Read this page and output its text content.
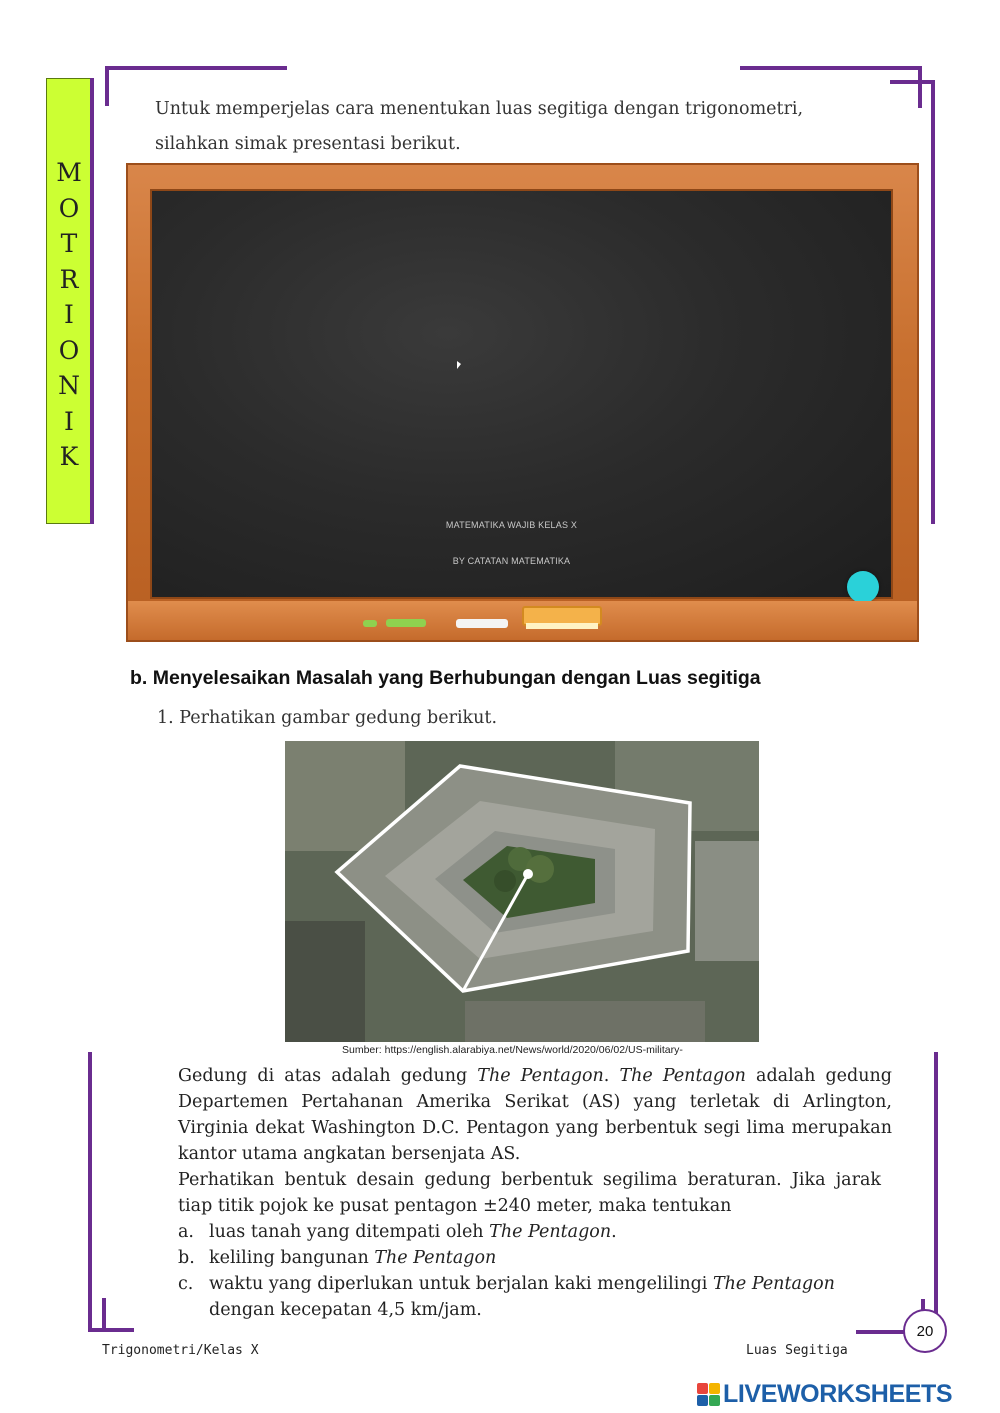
M
O
T
R
I
O
N
I
K
Untuk memperjelas cara menentukan luas segitiga dengan trigonometri,
silahkan simak presentasi berikut.
MATEMATIKA WAJIB KELAS X
BY CATATAN MATEMATIKA
b. Menyelesaikan Masalah yang Berhubungan dengan Luas segitiga
1. Perhatikan gambar gedung berikut.
Sumber: https://english.alarabiya.net/News/world/2020/06/02/US-military-

Gedung di atas adalah gedung The Pentagon. The Pentagon adalah gedung Departemen Pertahanan Amerika Serikat (AS) yang terletak di Arlington, Virginia dekat Washington D.C. Pentagon yang berbentuk segi lima merupakan kantor utama angkatan bersenjata AS.

Perhatikan bentuk desain gedung berbentuk segilima beraturan. Jika jarak tiap titik pojok ke pusat pentagon ±240 meter, maka tentukan

a. luas tanah yang ditempati oleh The Pentagon.
b. keliling bangunan The Pentagon
c. waktu yang diperlukan untuk berjalan kaki mengelilingi The Pentagon dengan kecepatan 4,5 km/jam.
20
Trigonometri/Kelas X	Luas Segitiga
LIVEWORKSHEETS
